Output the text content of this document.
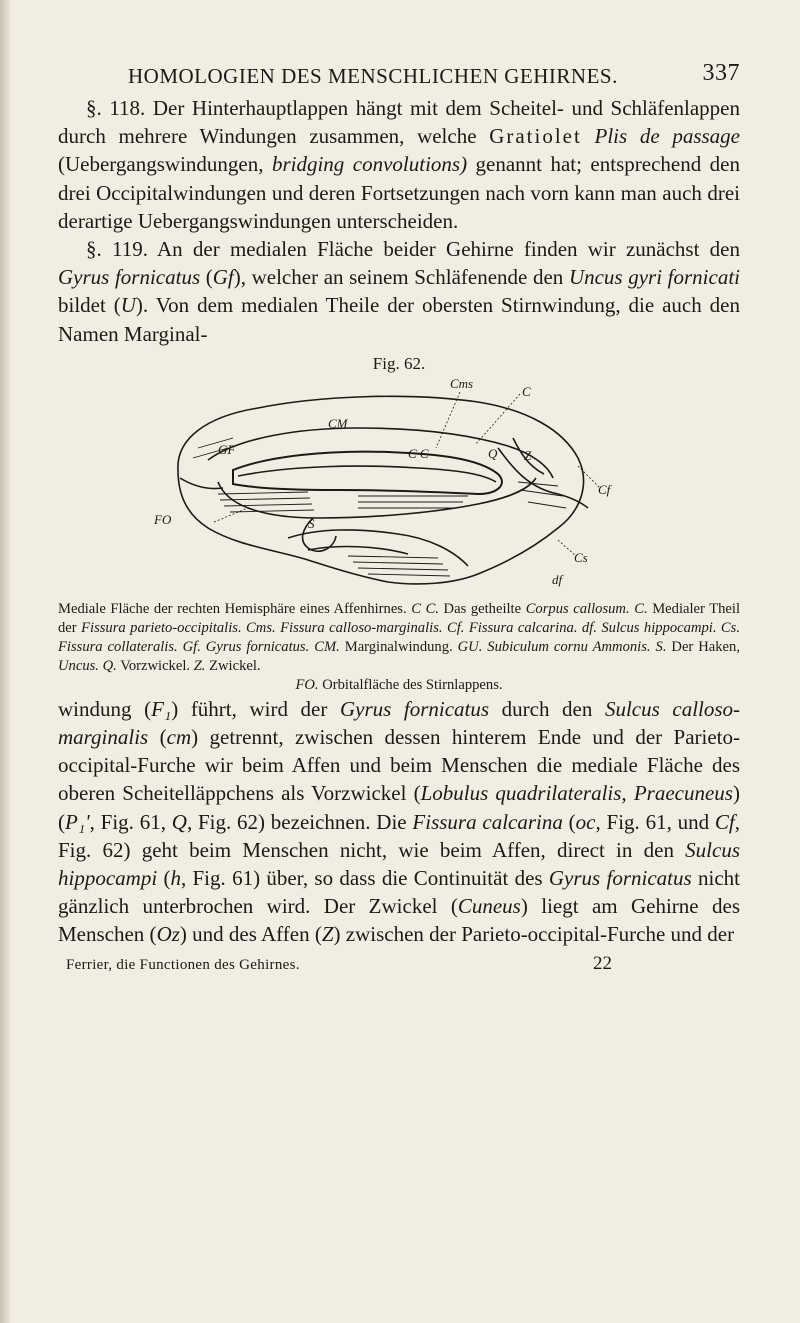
HOMOLOGIEN DES MENSCHLICHEN GEHIRNES.	337

§. 118. Der Hinterhauptlappen hängt mit dem Scheitel- und Schläfenlappen durch mehrere Windungen zusammen, welche Gratiolet Plis de passage (Uebergangswindungen, bridging convolutions) genannt hat; entsprechend den drei Occipitalwindungen und deren Fortsetzungen nach vorn kann man auch drei derartige Uebergangswindungen unterscheiden.

§. 119. An der medialen Fläche beider Gehirne finden wir zunächst den Gyrus fornicatus (Gf), welcher an seinem Schläfenende den Uncus gyri fornicati bildet (U). Von dem medialen Theile der obersten Stirnwindung, die auch den Namen Marginal-

Fig. 62.
Cms
C
CM
GF	C C	Q Z
S
Cf
FO
Cs
df

Mediale Fläche der rechten Hemisphäre eines Affenhirnes. C C. Das getheilte Corpus callosum. C. Medialer Theil der Fissura parieto-occipitalis. Cms. Fissura calloso-marginalis. Cf. Fissura calcarina. df. Sulcus hippocampi. Cs. Fissura collateralis. Gf. Gyrus fornicatus. CM. Marginalwindung. GU. Subiculum cornu Ammonis. S. Der Haken, Uncus. Q. Vorzwickel. Z. Zwickel.
FO. Orbitalfläche des Stirnlappens.

windung (F₁) führt, wird der Gyrus fornicatus durch den Sulcus calloso-marginalis (cm) getrennt, zwischen dessen hinterem Ende und der Parieto-occipital-Furche wir beim Affen und beim Menschen die mediale Fläche des oberen Scheitelläppchens als Vorzwickel (Lobulus quadrilateralis, Praecuneus) (P₁', Fig. 61, Q, Fig. 62) bezeichnen. Die Fissura calcarina (oc, Fig. 61, und Cf, Fig. 62) geht beim Menschen nicht, wie beim Affen, direct in den Sulcus hippocampi (h, Fig. 61) über, so dass die Continuität des Gyrus fornicatus nicht gänzlich unterbrochen wird. Der Zwickel (Cuneus) liegt am Gehirne des Menschen (Oz) und des Affen (Z) zwischen der Parieto-occipital-Furche und der

Ferrier, die Functionen des Gehirnes.	22
